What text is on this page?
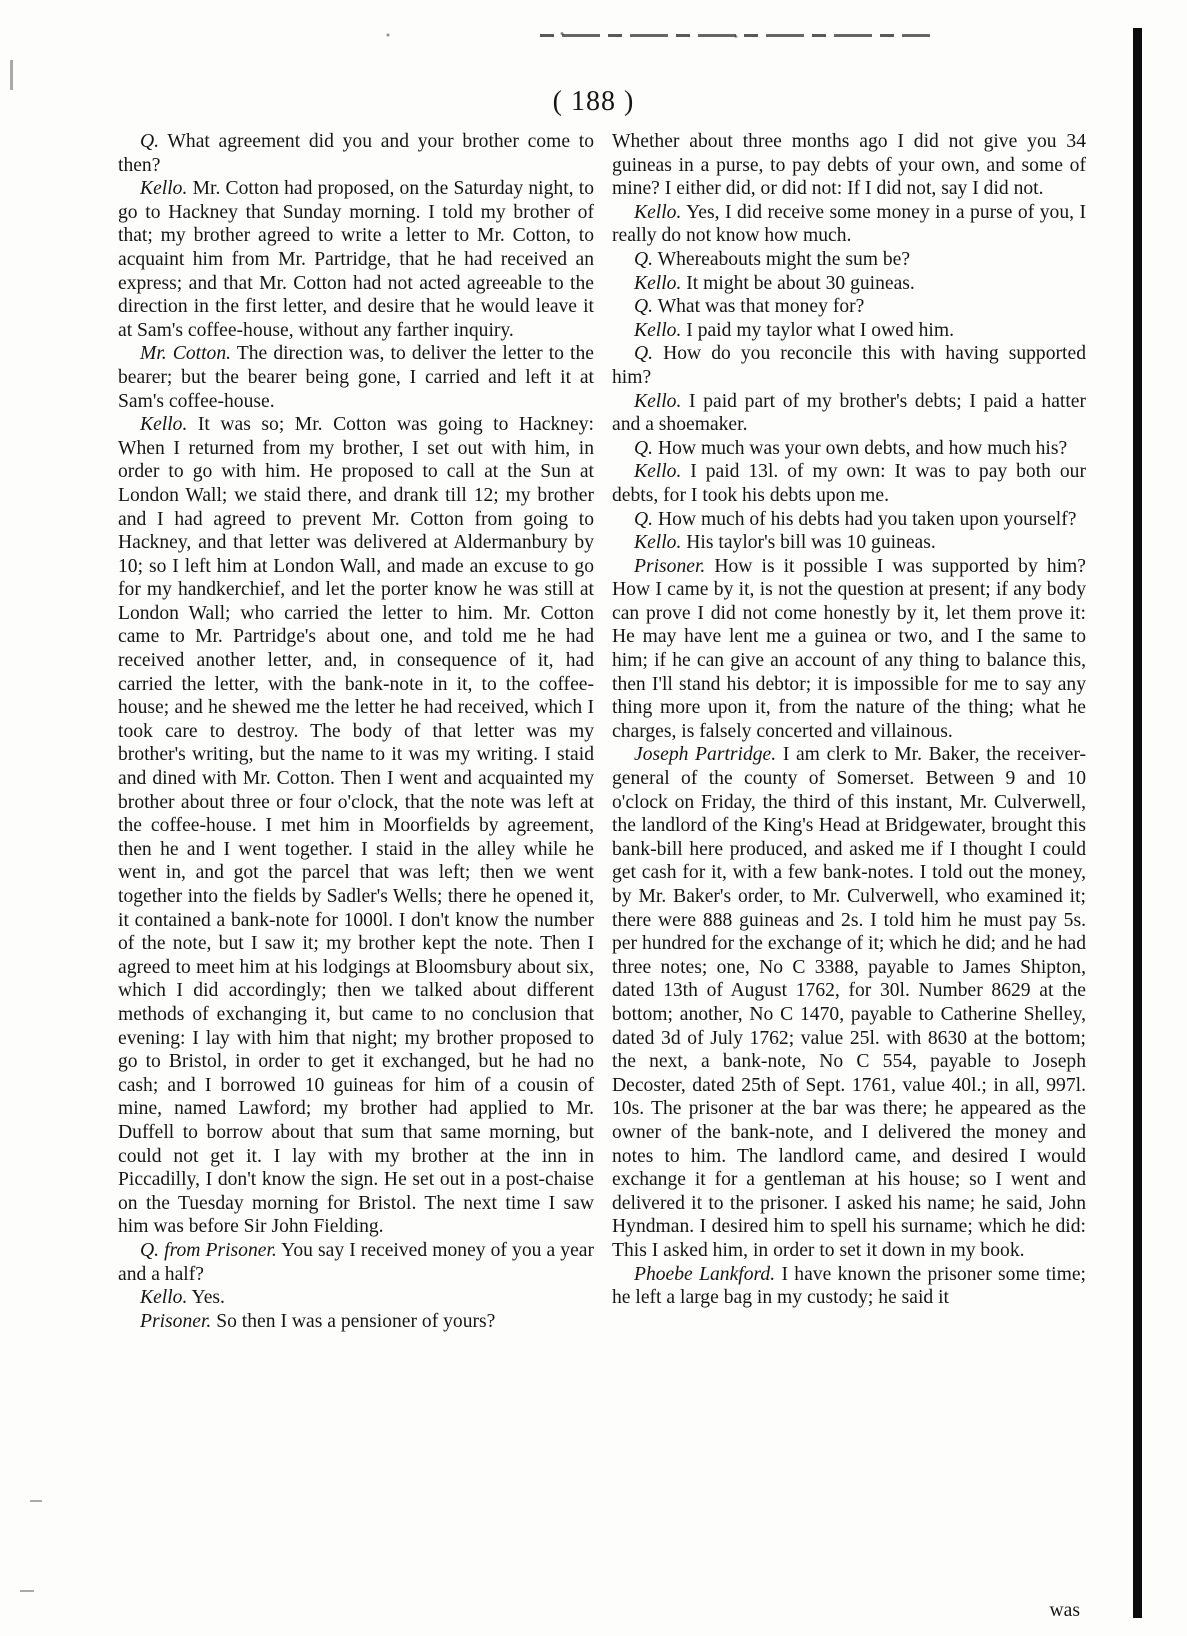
( 188 )

Q. What agreement did you and your brother come to then?

Kello. Mr. Cotton had proposed, on the Saturday night, to go to Hackney that Sunday morning. I told my brother of that; my brother agreed to write a letter to Mr. Cotton, to acquaint him from Mr. Partridge, that he had received an express; and that Mr. Cotton had not acted agreeable to the direction in the first letter, and desire that he would leave it at Sam's coffee-house, without any farther inquiry.

Mr. Cotton. The direction was, to deliver the letter to the bearer; but the bearer being gone, I carried and left it at Sam's coffee-house.

Kello. It was so; Mr. Cotton was going to Hackney: When I returned from my brother, I set out with him, in order to go with him. He proposed to call at the Sun at London Wall; we staid there, and drank till 12; my brother and I had agreed to prevent Mr. Cotton from going to Hackney, and that letter was delivered at Aldermanbury by 10; so I left him at London Wall, and made an excuse to go for my handkerchief, and let the porter know he was still at London Wall; who carried the letter to him. Mr. Cotton came to Mr. Partridge's about one, and told me he had received another letter, and, in consequence of it, had carried the letter, with the bank-note in it, to the coffee-house; and he shewed me the letter he had received, which I took care to destroy. The body of that letter was my brother's writing, but the name to it was my writing. I staid and dined with Mr. Cotton. Then I went and acquainted my brother about three or four o'clock, that the note was left at the coffee-house. I met him in Moorfields by agreement, then he and I went together. I staid in the alley while he went in, and got the parcel that was left; then we went together into the fields by Sadler's Wells; there he opened it, it contained a bank-note for 1000l. I don't know the number of the note, but I saw it; my brother kept the note. Then I agreed to meet him at his lodgings at Bloomsbury about six, which I did accordingly; then we talked about different methods of exchanging it, but came to no conclusion that evening: I lay with him that night; my brother proposed to go to Bristol, in order to get it exchanged, but he had no cash; and I borrowed 10 guineas for him of a cousin of mine, named Lawford; my brother had applied to Mr. Duffell to borrow about that sum that same morning, but could not get it. I lay with my brother at the inn in Piccadilly, I don't know the sign. He set out in a post-chaise on the Tuesday morning for Bristol. The next time I saw him was before Sir John Fielding.

Q. from Prisoner. You say I received money of you a year and a half?

Kello. Yes.

Prisoner. So then I was a pensioner of yours?

Whether about three months ago I did not give you 34 guineas in a purse, to pay debts of your own, and some of mine? I either did, or did not: If I did not, say I did not.

Kello. Yes, I did receive some money in a purse of you, I really do not know how much.

Q. Whereabouts might the sum be?

Kello. It might be about 30 guineas.

Q. What was that money for?

Kello. I paid my taylor what I owed him.

Q. How do you reconcile this with having supported him?

Kello. I paid part of my brother's debts; I paid a hatter and a shoemaker.

Q. How much was your own debts, and how much his?

Kello. I paid 13l. of my own: It was to pay both our debts, for I took his debts upon me.

Q. How much of his debts had you taken upon yourself?

Kello. His taylor's bill was 10 guineas.

Prisoner. How is it possible I was supported by him? How I came by it, is not the question at present; if any body can prove I did not come honestly by it, let them prove it: He may have lent me a guinea or two, and I the same to him; if he can give an account of any thing to balance this, then I'll stand his debtor; it is impossible for me to say any thing more upon it, from the nature of the thing; what he charges, is falsely concerted and villainous.

Joseph Partridge. I am clerk to Mr. Baker, the receiver-general of the county of Somerset. Between 9 and 10 o'clock on Friday, the third of this instant, Mr. Culverwell, the landlord of the King's Head at Bridgewater, brought this bank-bill here produced, and asked me if I thought I could get cash for it, with a few bank-notes. I told out the money, by Mr. Baker's order, to Mr. Culverwell, who examined it; there were 888 guineas and 2s. I told him he must pay 5s. per hundred for the exchange of it; which he did; and he had three notes; one, No C 3388, payable to James Shipton, dated 13th of August 1762, for 30l. Number 8629 at the bottom; another, No C 1470, payable to Catherine Shelley, dated 3d of July 1762; value 25l. with 8630 at the bottom; the next, a bank-note, No C 554, payable to Joseph Decoster, dated 25th of Sept. 1761, value 40l.; in all, 997l. 10s. The prisoner at the bar was there; he appeared as the owner of the bank-note, and I delivered the money and notes to him. The landlord came, and desired I would exchange it for a gentleman at his house; so I went and delivered it to the prisoner. I asked his name; he said, John Hyndman. I desired him to spell his surname; which he did: This I asked him, in order to set it down in my book.

Phoebe Lankford. I have known the prisoner some time; he left a large bag in my custody; he said it

was
